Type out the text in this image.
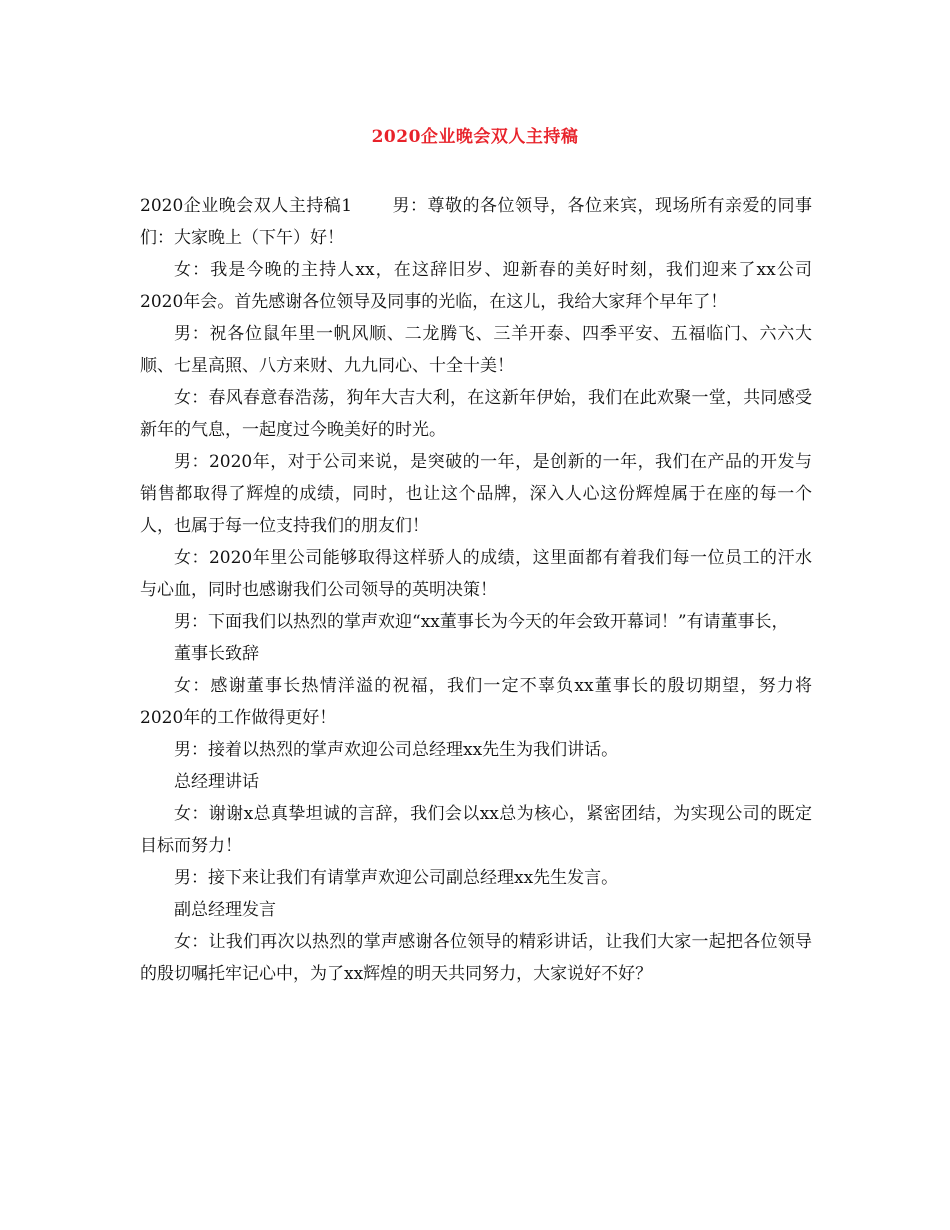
2020企业晚会双人主持稿

2020企业晚会双人主持稿1 男：尊敬的各位领导，各位来宾，现场所有亲爱的同事们：大家晚上（下午）好！

女：我是今晚的主持人xx，在这辞旧岁、迎新春的美好时刻，我们迎来了xx公司2020年会。首先感谢各位领导及同事的光临，在这儿，我给大家拜个早年了！

男：祝各位鼠年里一帆风顺、二龙腾飞、三羊开泰、四季平安、五福临门、六六大顺、七星高照、八方来财、九九同心、十全十美！

女：春风春意春浩荡，狗年大吉大利，在这新年伊始，我们在此欢聚一堂，共同感受新年的气息，一起度过今晚美好的时光。

男：2020年，对于公司来说，是突破的一年，是创新的一年，我们在产品的开发与销售都取得了辉煌的成绩，同时，也让这个品牌，深入人心这份辉煌属于在座的每一个人，也属于每一位支持我们的朋友们！

女：2020年里公司能够取得这样骄人的成绩，这里面都有着我们每一位员工的汗水与心血，同时也感谢我们公司领导的英明决策！

男：下面我们以热烈的掌声欢迎“xx董事长为今天的年会致开幕词！”有请董事长，

董事长致辞

女：感谢董事长热情洋溢的祝福，我们一定不辜负xx董事长的殷切期望，努力将2020年的工作做得更好！

男：接着以热烈的掌声欢迎公司总经理xx先生为我们讲话。

总经理讲话

女：谢谢x总真挚坦诚的言辞，我们会以xx总为核心，紧密团结，为实现公司的既定目标而努力！

男：接下来让我们有请掌声欢迎公司副总经理xx先生发言。

副总经理发言

女：让我们再次以热烈的掌声感谢各位领导的精彩讲话，让我们大家一起把各位领导的殷切嘱托牢记心中，为了xx辉煌的明天共同努力，大家说好不好？
